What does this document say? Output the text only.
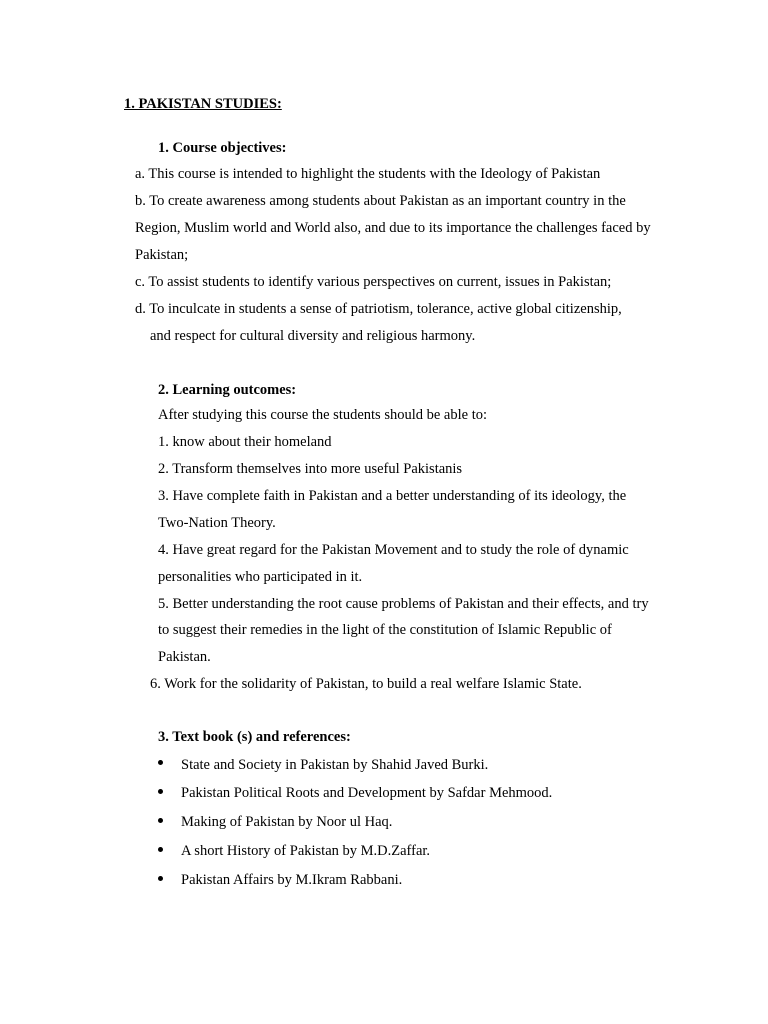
1. PAKISTAN STUDIES:
1. Course objectives:
a. This course is intended to highlight the students with the Ideology of Pakistan
b. To create awareness among students about Pakistan as an important country in the
Region, Muslim world and World also, and due to its importance the challenges faced by
Pakistan;
c. To assist students to identify various perspectives on current, issues in Pakistan;
d. To inculcate in students a sense of patriotism, tolerance, active global citizenship,
and respect for cultural diversity and religious harmony.
2. Learning outcomes:
After studying this course the students should be able to:
1. know about their homeland
2. Transform themselves into more useful Pakistanis
3. Have complete faith in Pakistan and a better understanding of its ideology, the
Two-Nation Theory.
4. Have great regard for the Pakistan Movement and to study the role of dynamic
personalities who participated in it.
5. Better understanding the root cause problems of Pakistan and their effects, and try
to suggest their remedies in the light of the constitution of Islamic Republic of
Pakistan.
6. Work for the solidarity of Pakistan, to build a real welfare Islamic State.
3. Text book (s) and references:
State and Society in Pakistan by Shahid Javed Burki.
Pakistan Political Roots and Development by Safdar Mehmood.
Making of Pakistan by Noor ul Haq.
A short History of Pakistan by M.D.Zaffar.
Pakistan Affairs by M.Ikram Rabbani.
